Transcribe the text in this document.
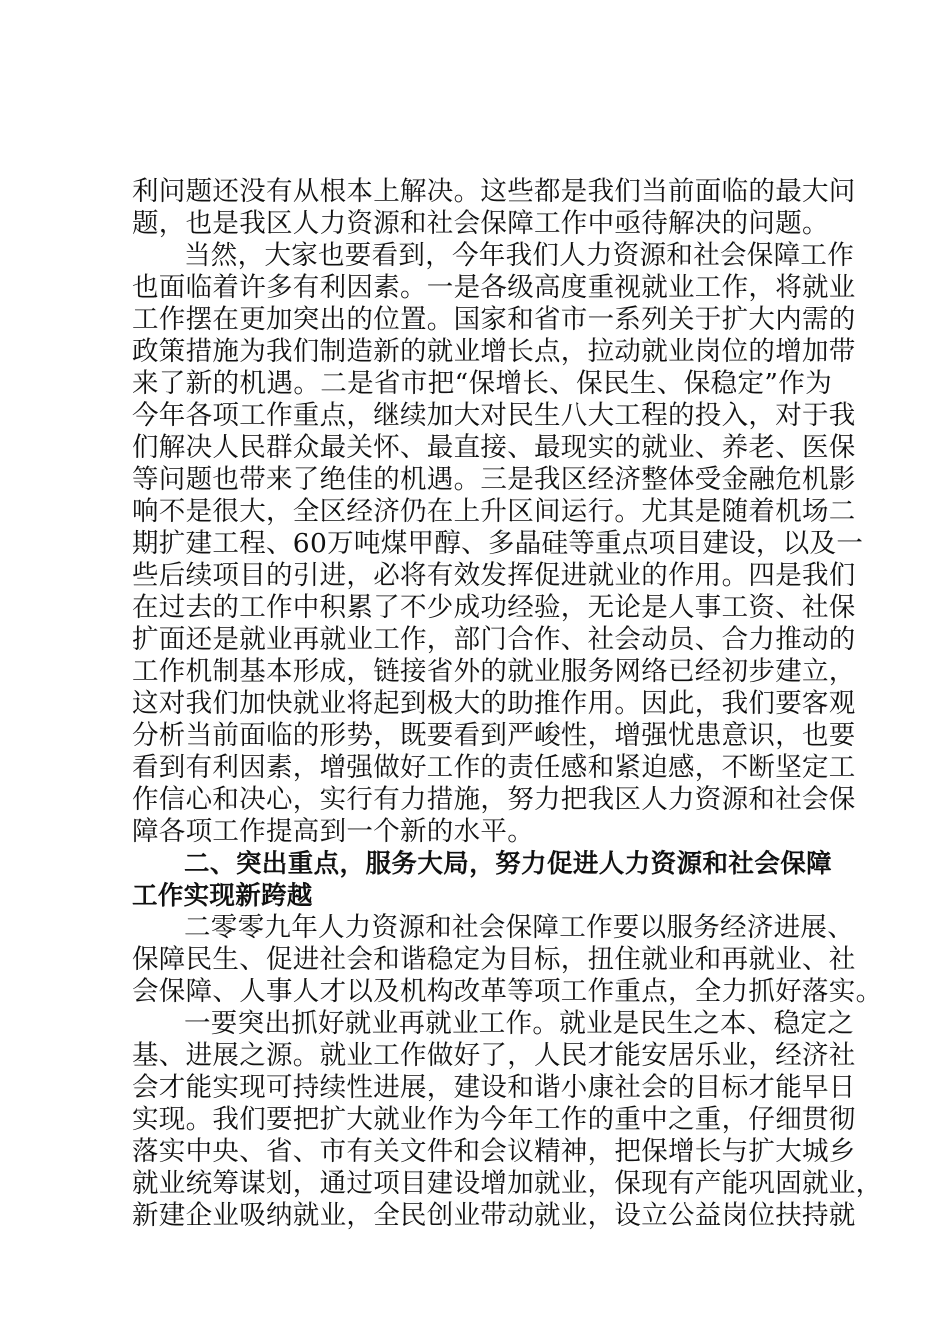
利问题还没有从根本上解决。这些都是我们当前面临的最大问
题，也是我区人力资源和社会保障工作中亟待解决的问题。
当然，大家也要看到，今年我们人力资源和社会保障工作
也面临着许多有利因素。一是各级高度重视就业工作，将就业
工作摆在更加突出的位置。国家和省市一系列关于扩大内需的
政策措施为我们制造新的就业增长点，拉动就业岗位的增加带
来了新的机遇。二是省市把“保增长、保民生、保稳定”作为
今年各项工作重点，继续加大对民生八大工程的投入，对于我
们解决人民群众最关怀、最直接、最现实的就业、养老、医保
等问题也带来了绝佳的机遇。三是我区经济整体受金融危机影
响不是很大，全区经济仍在上升区间运行。尤其是随着机场二
期扩建工程、60万吨煤甲醇、多晶硅等重点项目建设，以及一
些后续项目的引进，必将有效发挥促进就业的作用。四是我们
在过去的工作中积累了不少成功经验，无论是人事工资、社保
扩面还是就业再就业工作，部门合作、社会动员、合力推动的
工作机制基本形成，链接省外的就业服务网络已经初步建立，
这对我们加快就业将起到极大的助推作用。因此，我们要客观
分析当前面临的形势，既要看到严峻性，增强忧患意识，也要
看到有利因素，增强做好工作的责任感和紧迫感，不断坚定工
作信心和决心，实行有力措施，努力把我区人力资源和社会保
障各项工作提高到一个新的水平。
二、突出重点，服务大局，努力促进人力资源和社会保障
工作实现新跨越
二零零九年人力资源和社会保障工作要以服务经济进展、
保障民生、促进社会和谐稳定为目标，扭住就业和再就业、社
会保障、人事人才以及机构改革等项工作重点，全力抓好落实。
一要突出抓好就业再就业工作。就业是民生之本、稳定之
基、进展之源。就业工作做好了，人民才能安居乐业，经济社
会才能实现可持续性进展，建设和谐小康社会的目标才能早日
实现。我们要把扩大就业作为今年工作的重中之重，仔细贯彻
落实中央、省、市有关文件和会议精神，把保增长与扩大城乡
就业统筹谋划，通过项目建设增加就业，保现有产能巩固就业，
新建企业吸纳就业，全民创业带动就业，设立公益岗位扶持就
